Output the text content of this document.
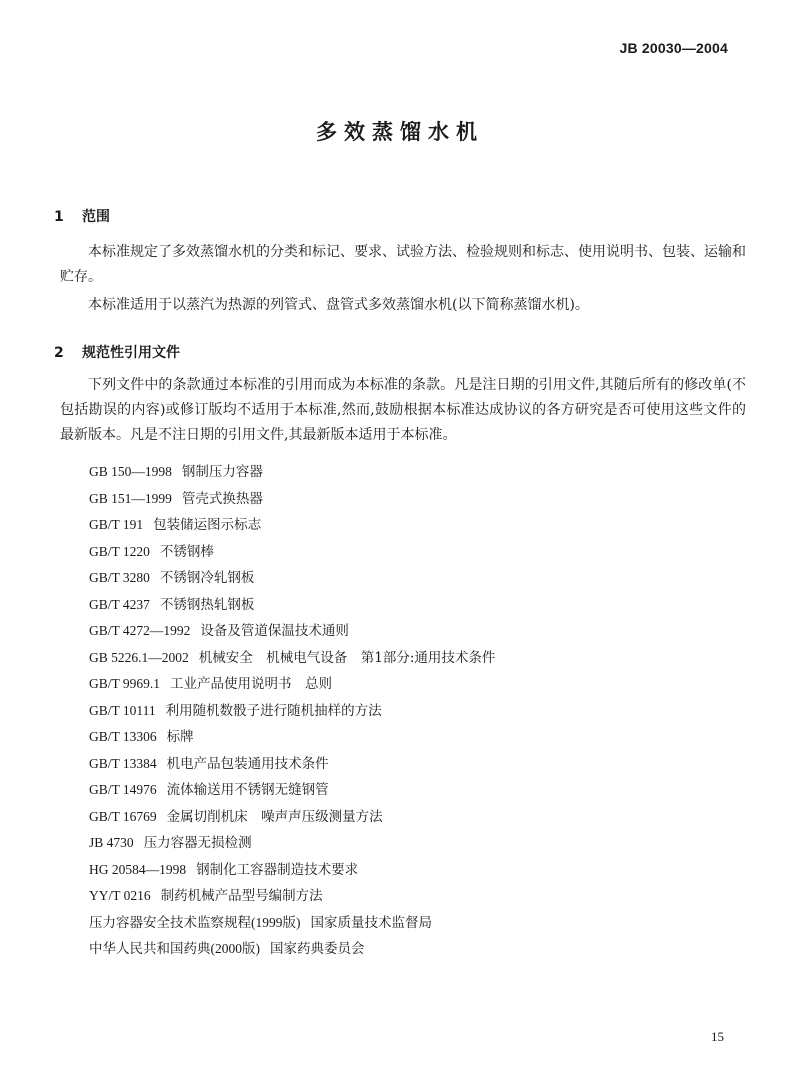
JB 20030—2004
多效蒸馏水机
1 范围

本标准规定了多效蒸馏水机的分类和标记、要求、试验方法、检验规则和标志、使用说明书、包装、运输和贮存。

本标准适用于以蒸汽为热源的列管式、盘管式多效蒸馏水机(以下简称蒸馏水机)。

2 规范性引用文件

下列文件中的条款通过本标准的引用而成为本标准的条款。凡是注日期的引用文件,其随后所有的修改单(不包括勘误的内容)或修订版均不适用于本标准,然而,鼓励根据本标准达成协议的各方研究是否可使用这些文件的最新版本。凡是不注日期的引用文件,其最新版本适用于本标准。

GB 150—1998 钢制压力容器
GB 151—1999 管壳式换热器
GB/T 191 包装储运图示标志
GB/T 1220 不锈钢棒
GB/T 3280 不锈钢冷轧钢板
GB/T 4237 不锈钢热轧钢板
GB/T 4272—1992 设备及管道保温技术通则
GB 5226.1—2002 机械安全　机械电气设备　第1部分:通用技术条件
GB/T 9969.1 工业产品使用说明书　总则
GB/T 10111 利用随机数骰子进行随机抽样的方法
GB/T 13306 标牌
GB/T 13384 机电产品包装通用技术条件
GB/T 14976 流体输送用不锈钢无缝钢管
GB/T 16769 金属切削机床　噪声声压级测量方法
JB 4730 压力容器无损检测
HG 20584—1998 钢制化工容器制造技术要求
YY/T 0216 制药机械产品型号编制方法
压力容器安全技术监察规程(1999版) 国家质量技术监督局
中华人民共和国药典(2000版) 国家药典委员会
15
